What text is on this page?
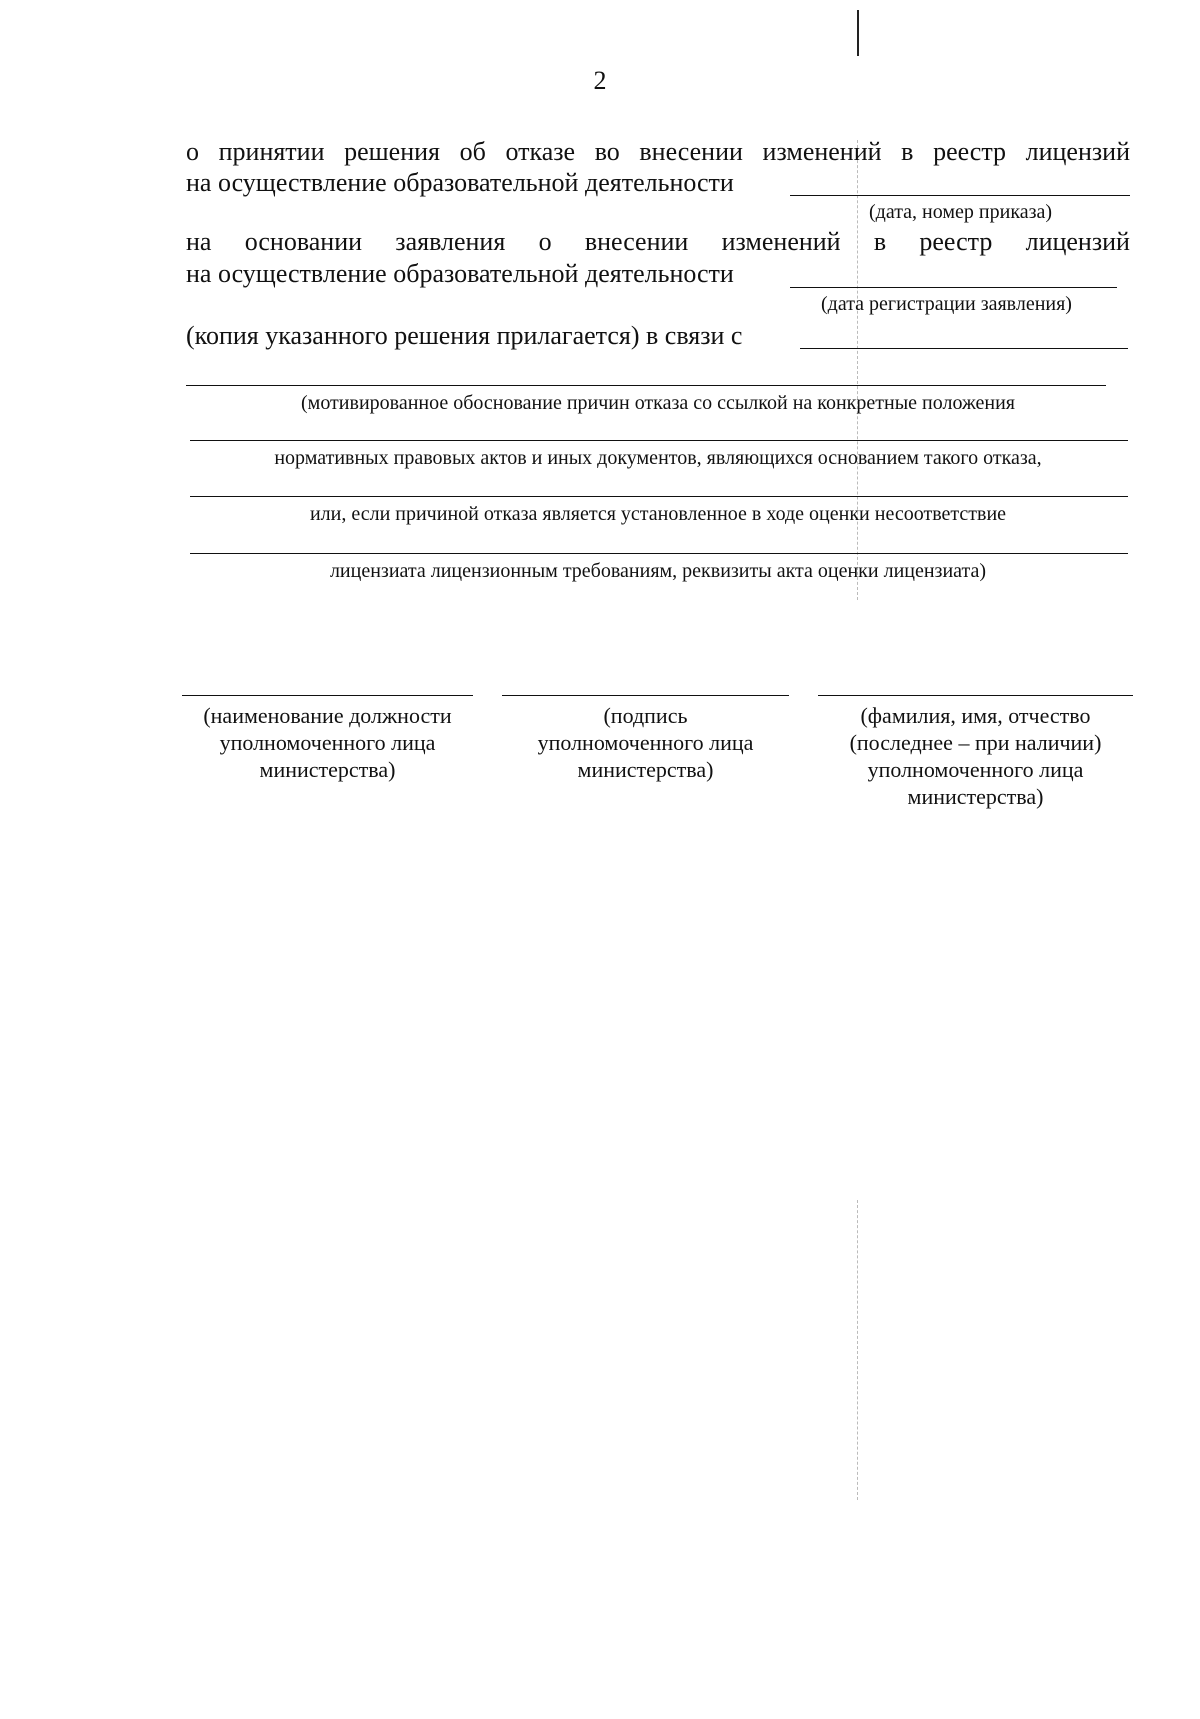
2
о принятии решения об отказе во внесении изменений в реестр лицензий
на осуществление образовательной деятельности
(дата, номер приказа)
на основании заявления о внесении изменений в реестр лицензий
на осуществление образовательной деятельности
(дата регистрации заявления)
(копия указанного решения прилагается) в связи с
(мотивированное обоснование причин отказа со ссылкой на конкретные положения
нормативных правовых актов и иных документов, являющихся основанием такого отказа,
или, если причиной отказа является установленное в ходе оценки несоответствие
лицензиата лицензионным требованиям, реквизиты акта оценки лицензиата)
(наименование должности
уполномоченного лица
министерства)
(подпись
уполномоченного лица
министерства)
(фамилия, имя, отчество
(последнее – при наличии)
уполномоченного лица
министерства)
